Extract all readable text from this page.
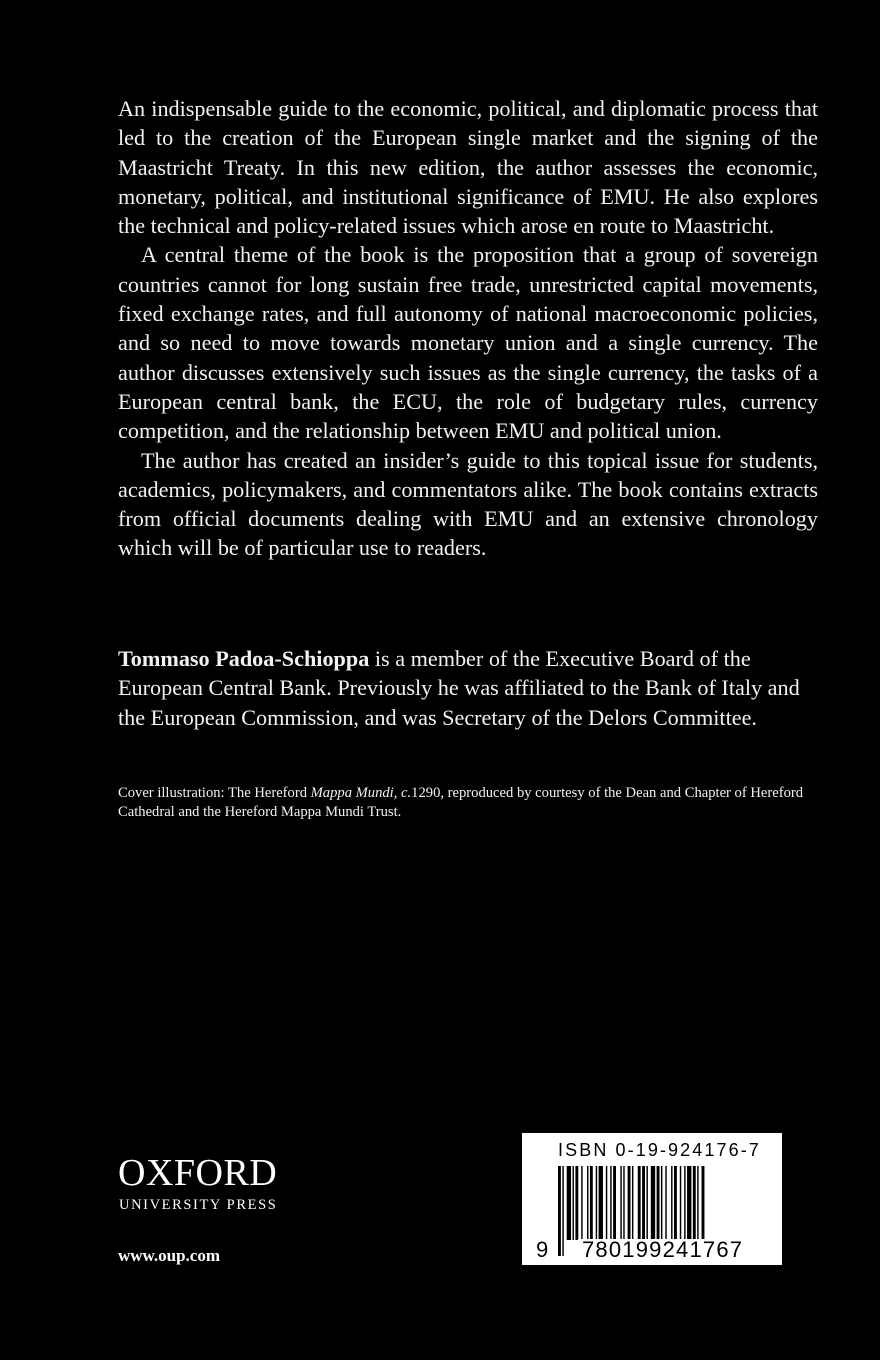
An indispensable guide to the economic, political, and diplomatic process that led to the creation of the European single market and the signing of the Maastricht Treaty. In this new edition, the author assesses the economic, monetary, political, and institutional significance of EMU. He also explores the technical and policy-related issues which arose en route to Maastricht.

A central theme of the book is the proposition that a group of sovereign countries cannot for long sustain free trade, unrestricted capital movements, fixed exchange rates, and full autonomy of national macroeconomic policies, and so need to move towards monetary union and a single currency. The author discusses extensively such issues as the single currency, the tasks of a European central bank, the ECU, the role of budgetary rules, currency competition, and the relationship between EMU and political union.

The author has created an insider’s guide to this topical issue for students, academics, policymakers, and commentators alike. The book contains extracts from official documents dealing with EMU and an extensive chronology which will be of particular use to readers.

Tommaso Padoa-Schioppa is a member of the Executive Board of the European Central Bank. Previously he was affiliated to the Bank of Italy and the European Commission, and was Secretary of the Delors Committee.

Cover illustration: The Hereford Mappa Mundi, c.1290, reproduced by courtesy of the Dean and Chapter of Hereford Cathedral and the Hereford Mappa Mundi Trust.
OXFORD
UNIVERSITY PRESS
www.oup.com
ISBN 0-19-924176-7
9 780199241767
